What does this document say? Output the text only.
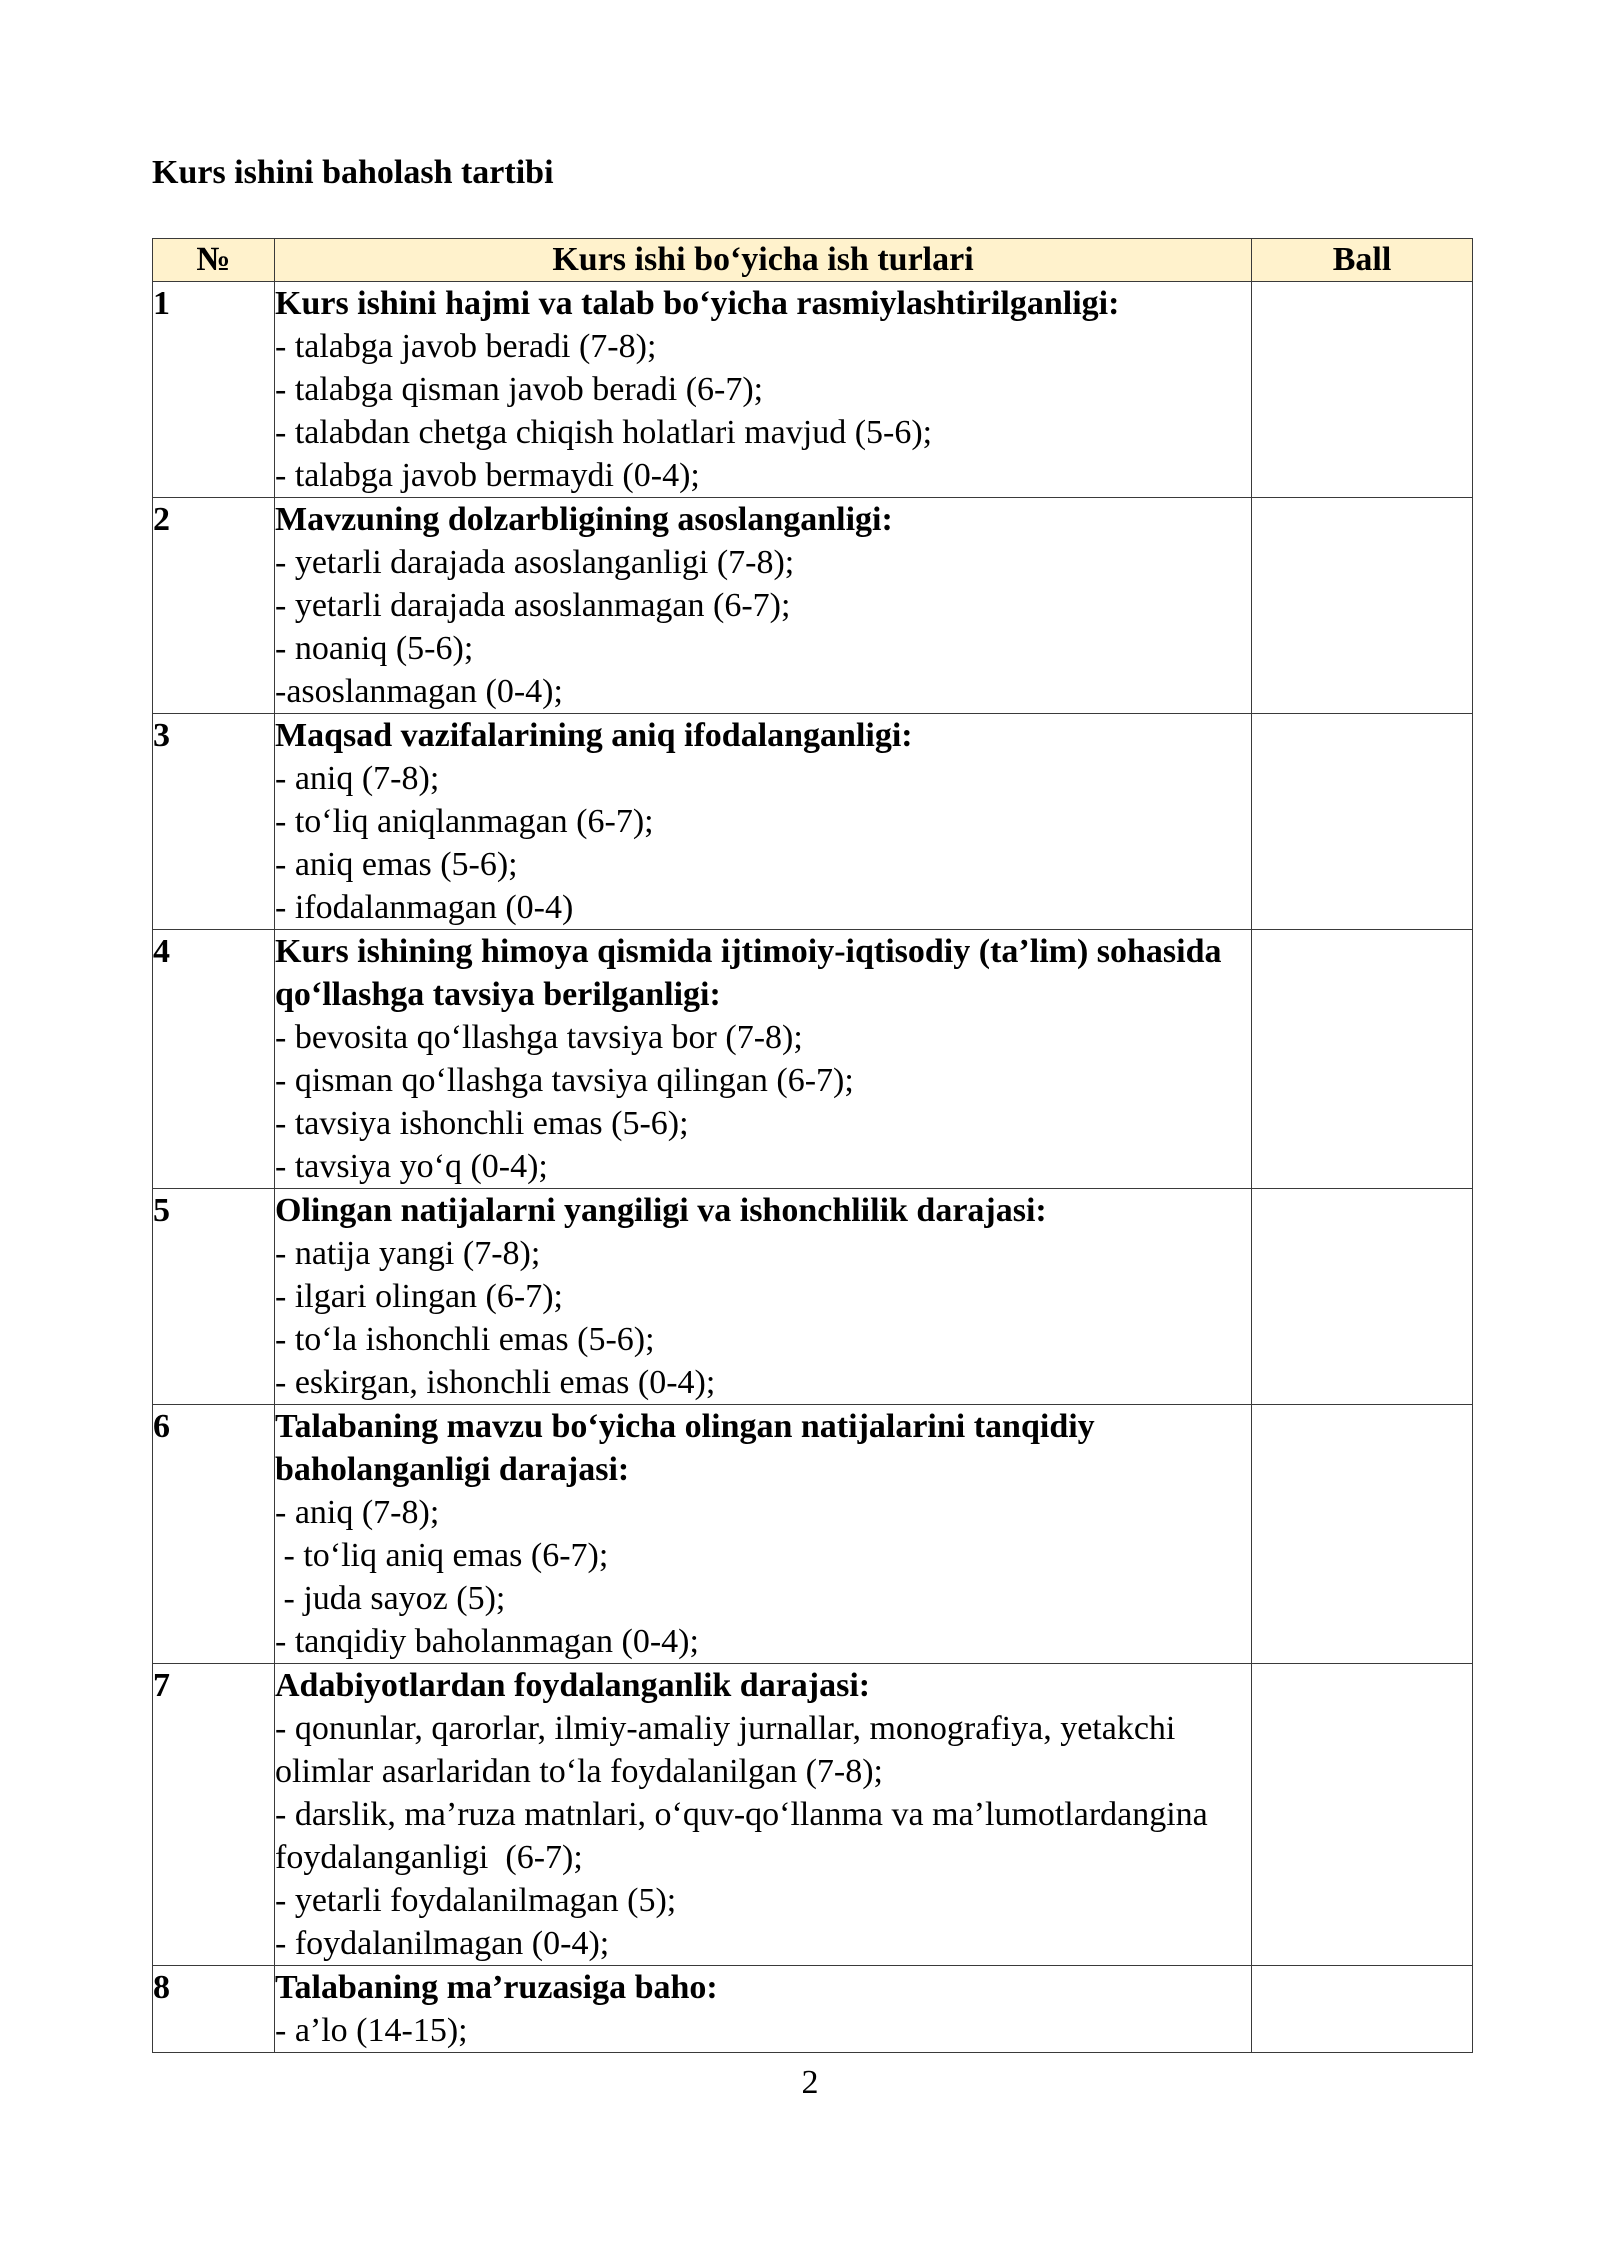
Kurs ishini baholash tartibi
№	Kurs ishi bo‘yicha ish turlari	Ball
1	Kurs ishini hajmi va talab bo‘yicha rasmiylashtirilganligi:
- talabga javob beradi (7-8);
- talabga qisman javob beradi (6-7);
- talabdan chetga chiqish holatlari mavjud (5-6);
- talabga javob bermaydi (0-4);	

2	Mavzuning dolzarbligining asoslanganligi:
- yetarli darajada asoslanganligi (7-8);
- yetarli darajada asoslanmagan (6-7);
- noaniq (5-6);
-asoslanmagan (0-4);	

3	Maqsad vazifalarining aniq ifodalanganligi:
- aniq (7-8);
- to‘liq aniqlanmagan (6-7);
- aniq emas (5-6);
- ifodalanmagan (0-4)	

4	Kurs ishining himoya qismida ijtimoiy-iqtisodiy (ta’lim) sohasida qo‘llashga tavsiya berilganligi:
- bevosita qo‘llashga tavsiya bor (7-8);
- qisman qo‘llashga tavsiya qilingan (6-7);
- tavsiya ishonchli emas (5-6);
- tavsiya yo‘q (0-4);	

5	Olingan natijalarni yangiligi va ishonchlilik darajasi:
- natija yangi (7-8);
- ilgari olingan (6-7);
- to‘la ishonchli emas (5-6);
- eskirgan, ishonchli emas (0-4);	

6	Talabaning mavzu bo‘yicha olingan natijalarini tanqidiy baholanganligi darajasi:
- aniq (7-8);
- to‘liq aniq emas (6-7);
- juda sayoz (5);
- tanqidiy baholanmagan (0-4);	

7	Adabiyotlardan foydalanganlik darajasi:
- qonunlar, qarorlar, ilmiy-amaliy jurnallar, monografiya, yetakchi olimlar asarlaridan to‘la foydalanilgan (7-8);
- darslik, ma’ruza matnlari, o‘quv-qo‘llanma va ma’lumotlardangina foydalanganligi  (6-7);
- yetarli foydalanilmagan (5);
- foydalanilmagan (0-4);	

8	Talabaning ma’ruzasiga baho:
- a’lo (14-15);	

2
